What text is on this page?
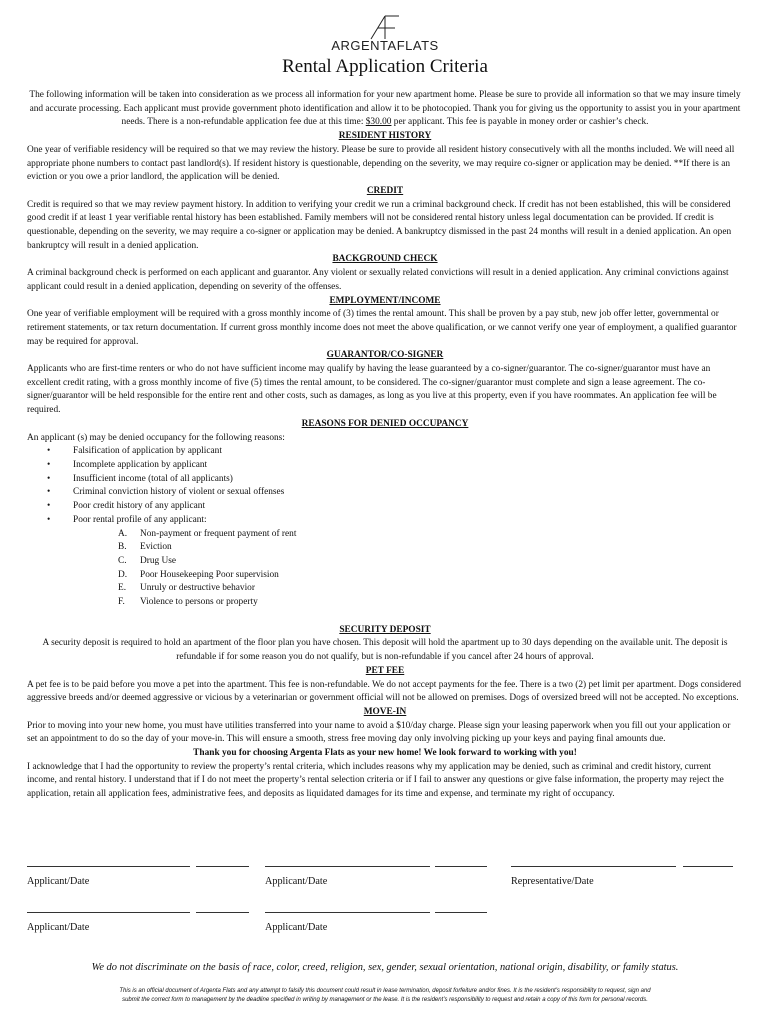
ARGENTAFLATS
Rental Application Criteria

The following information will be taken into consideration as we process all information for your new apartment home. Please be sure to provide all information so that we may insure timely and accurate processing. Each applicant must provide government photo identification and allow it to be photocopied. Thank you for giving us the opportunity to assist you in your apartment needs. There is a non-refundable application fee due at this time: $30.00 per applicant. This fee is payable in money order or cashier’s check.

RESIDENT HISTORY

One year of verifiable residency will be required so that we may review the history. Please be sure to provide all resident history consecutively with all the months included. We will need all appropriate phone numbers to contact past landlord(s). If resident history is questionable, depending on the severity, we may require co-signer or application may be denied. **If there is an eviction or you owe a prior landlord, the application will be denied.

CREDIT

Credit is required so that we may review payment history. In addition to verifying your credit we run a criminal background check. If credit has not been established, this will be considered good credit if at least 1 year verifiable rental history has been established. Family members will not be considered rental history unless legal documentation can be provided. If credit is questionable, depending on the severity, we may require a co-signer or application may be denied. A bankruptcy dismissed in the past 24 months will result in a denied application. An open bankruptcy will result in a denied application.

BACKGROUND CHECK

A criminal background check is performed on each applicant and guarantor. Any violent or sexually related convictions will result in a denied application. Any criminal convictions against applicant could result in a denied application, depending on severity of the offenses.

EMPLOYMENT/INCOME

One year of verifiable employment will be required with a gross monthly income of (3) times the rental amount. This shall be proven by a pay stub, new job offer letter, governmental or retirement statements, or tax return documentation. If current gross monthly income does not meet the above qualification, or we cannot verify one year of employment, a qualified guarantor may be required for approval.

GUARANTOR/CO-SIGNER

Applicants who are first-time renters or who do not have sufficient income may qualify by having the lease guaranteed by a co-signer/guarantor. The co-signer/guarantor must have an excellent credit rating, with a gross monthly income of five (5) times the rental amount, to be considered. The co-signer/guarantor must complete and sign a lease agreement. The co-signer/guarantor will be held responsible for the entire rent and other costs, such as damages, as long as you live at this property, even if you have roommates. An application fee will be required.

REASONS FOR DENIED OCCUPANCY

An applicant (s) may be denied occupancy for the following reasons:

• Falsification of application by applicant
• Incomplete application by applicant
• Insufficient income (total of all applicants)
• Criminal conviction history of violent or sexual offenses
• Poor credit history of any applicant
• Poor rental profile of any applicant:
A. Non-payment or frequent payment of rent
B. Eviction
C. Drug Use
D. Poor Housekeeping Poor supervision
E. Unruly or destructive behavior
F. Violence to persons or property

SECURITY DEPOSIT

A security deposit is required to hold an apartment of the floor plan you have chosen. This deposit will hold the apartment up to 30 days depending on the available unit. The deposit is refundable if for some reason you do not qualify, but is non-refundable if you cancel after 24 hours of approval.

PET FEE

A pet fee is to be paid before you move a pet into the apartment. This fee is non-refundable. We do not accept payments for the fee. There is a two (2) pet limit per apartment. Dogs considered aggressive breeds and/or deemed aggressive or vicious by a veterinarian or government official will not be allowed on premises. Dogs of oversized breed will not be accepted. No exceptions.

MOVE-IN

Prior to moving into your new home, you must have utilities transferred into your name to avoid a $10/day charge. Please sign your leasing paperwork when you fill out your application or set an appointment to do so the day of your move-in. This will ensure a smooth, stress free moving day only involving picking up your keys and paying final amounts due.

Thank you for choosing Argenta Flats as your new home! We look forward to working with you!

I acknowledge that I had the opportunity to review the property’s rental criteria, which includes reasons why my application may be denied, such as criminal and credit history, current income, and rental history. I understand that if I do not meet the property’s rental selection criteria or if I fail to answer any questions or give false information, the property may reject the application, retain all application fees, administrative fees, and deposits as liquidated damages for its time and expense, and terminate my right of occupancy.

Applicant/Date	Applicant/Date	Representative/Date
Applicant/Date	Applicant/Date
We do not discriminate on the basis of race, color, creed, religion, sex, gender, sexual orientation, national origin, disability, or family status.
This is an official document of Argenta Flats and any attempt to falsify this document could result in lease termination, deposit forfeiture and/or fines. It is the resident’s responsibility to request, sign and submit the correct form to management by the deadline specified in writing by management or the lease. It is the resident’s responsibility to request and retain a copy of this form for personal records.
